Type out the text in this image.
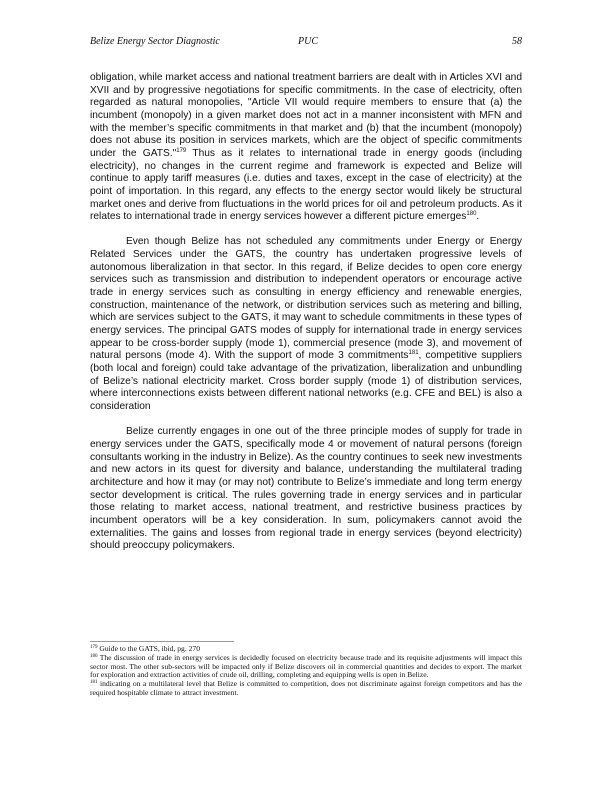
Belize Energy Sector Diagnostic	PUC	58

obligation, while market access and national treatment barriers are dealt with in Articles XVI and XVII and by progressive negotiations for specific commitments. In the case of electricity, often regarded as natural monopolies, "Article VII would require members to ensure that (a) the incumbent (monopoly) in a given market does not act in a manner inconsistent with MFN and with the member’s specific commitments in that market and (b) that the incumbent (monopoly) does not abuse its position in services markets, which are the object of specific commitments under the GATS."$^{179}$ Thus as it relates to international trade in energy goods (including electricity), no changes in the current regime and framework is expected and Belize will continue to apply tariff measures (i.e. duties and taxes, except in the case of electricity) at the point of importation. In this regard, any effects to the energy sector would likely be structural market ones and derive from fluctuations in the world prices for oil and petroleum products. As it relates to international trade in energy services however a different picture emerges$^{180}$.

Even though Belize has not scheduled any commitments under Energy or Energy Related Services under the GATS, the country has undertaken progressive levels of autonomous liberalization in that sector. In this regard, if Belize decides to open core energy services such as transmission and distribution to independent operators or encourage active trade in energy services such as consulting in energy efficiency and renewable energies, construction, maintenance of the network, or distribution services such as metering and billing, which are services subject to the GATS, it may want to schedule commitments in these types of energy services. The principal GATS modes of supply for international trade in energy services appear to be cross-border supply (mode 1), commercial presence (mode 3), and movement of natural persons (mode 4). With the support of mode 3 commitments$^{181}$, competitive suppliers (both local and foreign) could take advantage of the privatization, liberalization and unbundling of Belize’s national electricity market. Cross border supply (mode 1) of distribution services, where interconnections exists between different national networks (e.g. CFE and BEL) is also a consideration

Belize currently engages in one out of the three principle modes of supply for trade in energy services under the GATS, specifically mode 4 or movement of natural persons (foreign consultants working in the industry in Belize). As the country continues to seek new investments and new actors in its quest for diversity and balance, understanding the multilateral trading architecture and how it may (or may not) contribute to Belize’s immediate and long term energy sector development is critical. The rules governing trade in energy services and in particular those relating to market access, national treatment, and restrictive business practices by incumbent operators will be a key consideration. In sum, policymakers cannot avoid the externalities. The gains and losses from regional trade in energy services (beyond electricity) should preoccupy policymakers.

$^{179}$ Guide to the GATS, ibid, pg. 270

$^{180}$ The discussion of trade in energy services is decidedly focused on electricity because trade and its requisite adjustments will impact this sector most. The other sub-sectors will be impacted only if Belize discovers oil in commercial quantities and decides to export. The market for exploration and extraction activities of crude oil, drilling, completing and equipping wells is open in Belize.

$^{181}$ indicating on a multilateral level that Belize is committed to competition, does not discriminate against foreign competitors and has the required hospitable climate to attract investment.
